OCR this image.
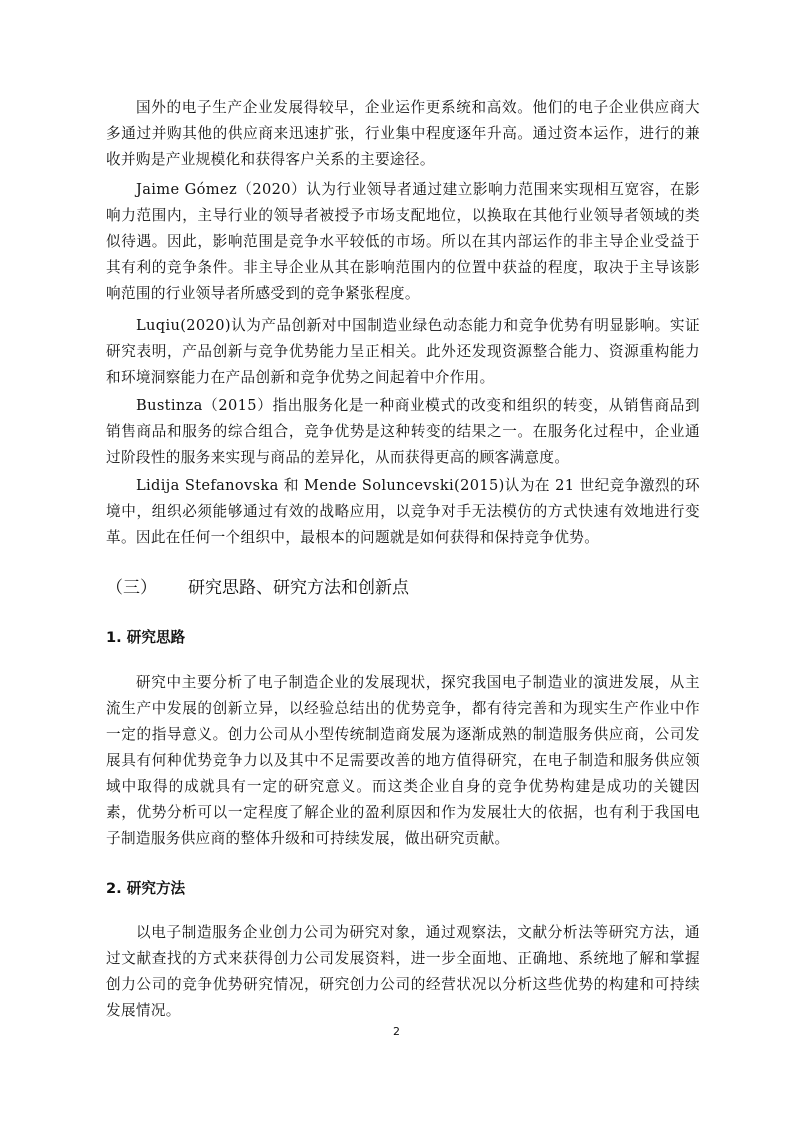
国外的电子生产企业发展得较早，企业运作更系统和高效。他们的电子企业供应商大多通过并购其他的供应商来迅速扩张，行业集中程度逐年升高。通过资本运作，进行的兼收并购是产业规模化和获得客户关系的主要途径。

Jaime Gómez（2020）认为行业领导者通过建立影响力范围来实现相互宽容，在影响力范围内，主导行业的领导者被授予市场支配地位，以换取在其他行业领导者领域的类似待遇。因此，影响范围是竞争水平较低的市场。所以在其内部运作的非主导企业受益于其有利的竞争条件。非主导企业从其在影响范围内的位置中获益的程度，取决于主导该影响范围的行业领导者所感受到的竞争紧张程度。

Luqiu(2020)认为产品创新对中国制造业绿色动态能力和竞争优势有明显影响。实证研究表明，产品创新与竞争优势能力呈正相关。此外还发现资源整合能力、资源重构能力和环境洞察能力在产品创新和竞争优势之间起着中介作用。

Bustinza（2015）指出服务化是一种商业模式的改变和组织的转变，从销售商品到销售商品和服务的综合组合，竞争优势是这种转变的结果之一。在服务化过程中，企业通过阶段性的服务来实现与商品的差异化，从而获得更高的顾客满意度。

Lidija Stefanovska 和 Mende Soluncevski(2015)认为在 21 世纪竞争激烈的环境中，组织必须能够通过有效的战略应用，以竞争对手无法模仿的方式快速有效地进行变革。因此在任何一个组织中，最根本的问题就是如何获得和保持竞争优势。

（三） 研究思路、研究方法和创新点
1. 研究思路

研究中主要分析了电子制造企业的发展现状，探究我国电子制造业的演进发展，从主流生产中发展的创新立异，以经验总结出的优势竞争，都有待完善和为现实生产作业中作一定的指导意义。创力公司从小型传统制造商发展为逐渐成熟的制造服务供应商，公司发展具有何种优势竞争力以及其中不足需要改善的地方值得研究，在电子制造和服务供应领域中取得的成就具有一定的研究意义。而这类企业自身的竞争优势构建是成功的关键因素，优势分析可以一定程度了解企业的盈利原因和作为发展壮大的依据，也有利于我国电子制造服务供应商的整体升级和可持续发展，做出研究贡献。

2. 研究方法

以电子制造服务企业创力公司为研究对象，通过观察法，文献分析法等研究方法，通过文献查找的方式来获得创力公司发展资料，进一步全面地、正确地、系统地了解和掌握创力公司的竞争优势研究情况，研究创力公司的经营状况以分析这些优势的构建和可持续发展情况。

2
